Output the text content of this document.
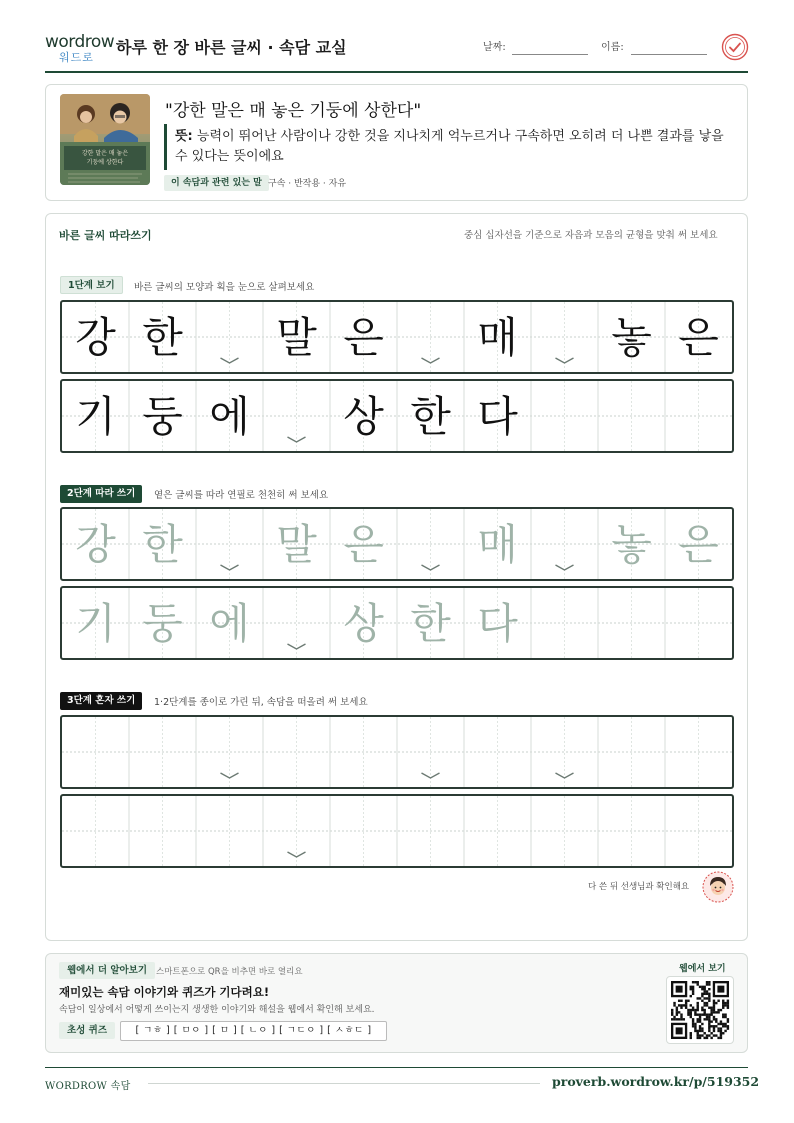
wordrow
워드로
하루 한 장 바른 글씨 · 속담 교실	날짜:	이름:
강한 말은 매 놓은
기둥에 상한다
"강한 말은 매 놓은 기둥에 상한다"
뜻: 능력이 뛰어난 사람이나 강한 것을 지나치게 억누르거나 구속하면 오히려 더 나쁜 결과를 낳을 수 있다는 뜻이에요
이 속담과 관련 있는 말 구속 · 반작용 · 자유
바른 글씨 따라쓰기	중심 십자선을 기준으로 자음과 모음의 균형을 맞춰 써 보세요
1단계 보기	바른 글씨의 모양과 획을 눈으로 살펴보세요
강 한 말 은 매 놓 은
기 둥 에 상 한 다
2단계 따라 쓰기	옅은 글씨를 따라 연필로 천천히 써 보세요
강 한 말 은 매 놓 은
기 둥 에 상 한 다
3단계 혼자 쓰기	1·2단계를 종이로 가린 뒤, 속담을 떠올려 써 보세요
다 쓴 뒤 선생님과 확인해요
웹에서 더 알아보기	스마트폰으로 QR을 비추면 바로 열리요
재미있는 속담 이야기와 퀴즈가 기다려요!
속담이 일상에서 어떻게 쓰이는지 생생한 이야기와 해설을 웹에서 확인해 보세요.
초성 퀴즈	[ ㄱㅎ ] [ ㅁㅇ ] [ ㅁ ] [ ㄴㅇ ] [ ㄱㄷㅇ ] [ ㅅㅎㄷ ]
웹에서 보기
WORDROW 속담	proverb.wordrow.kr/p/519352
